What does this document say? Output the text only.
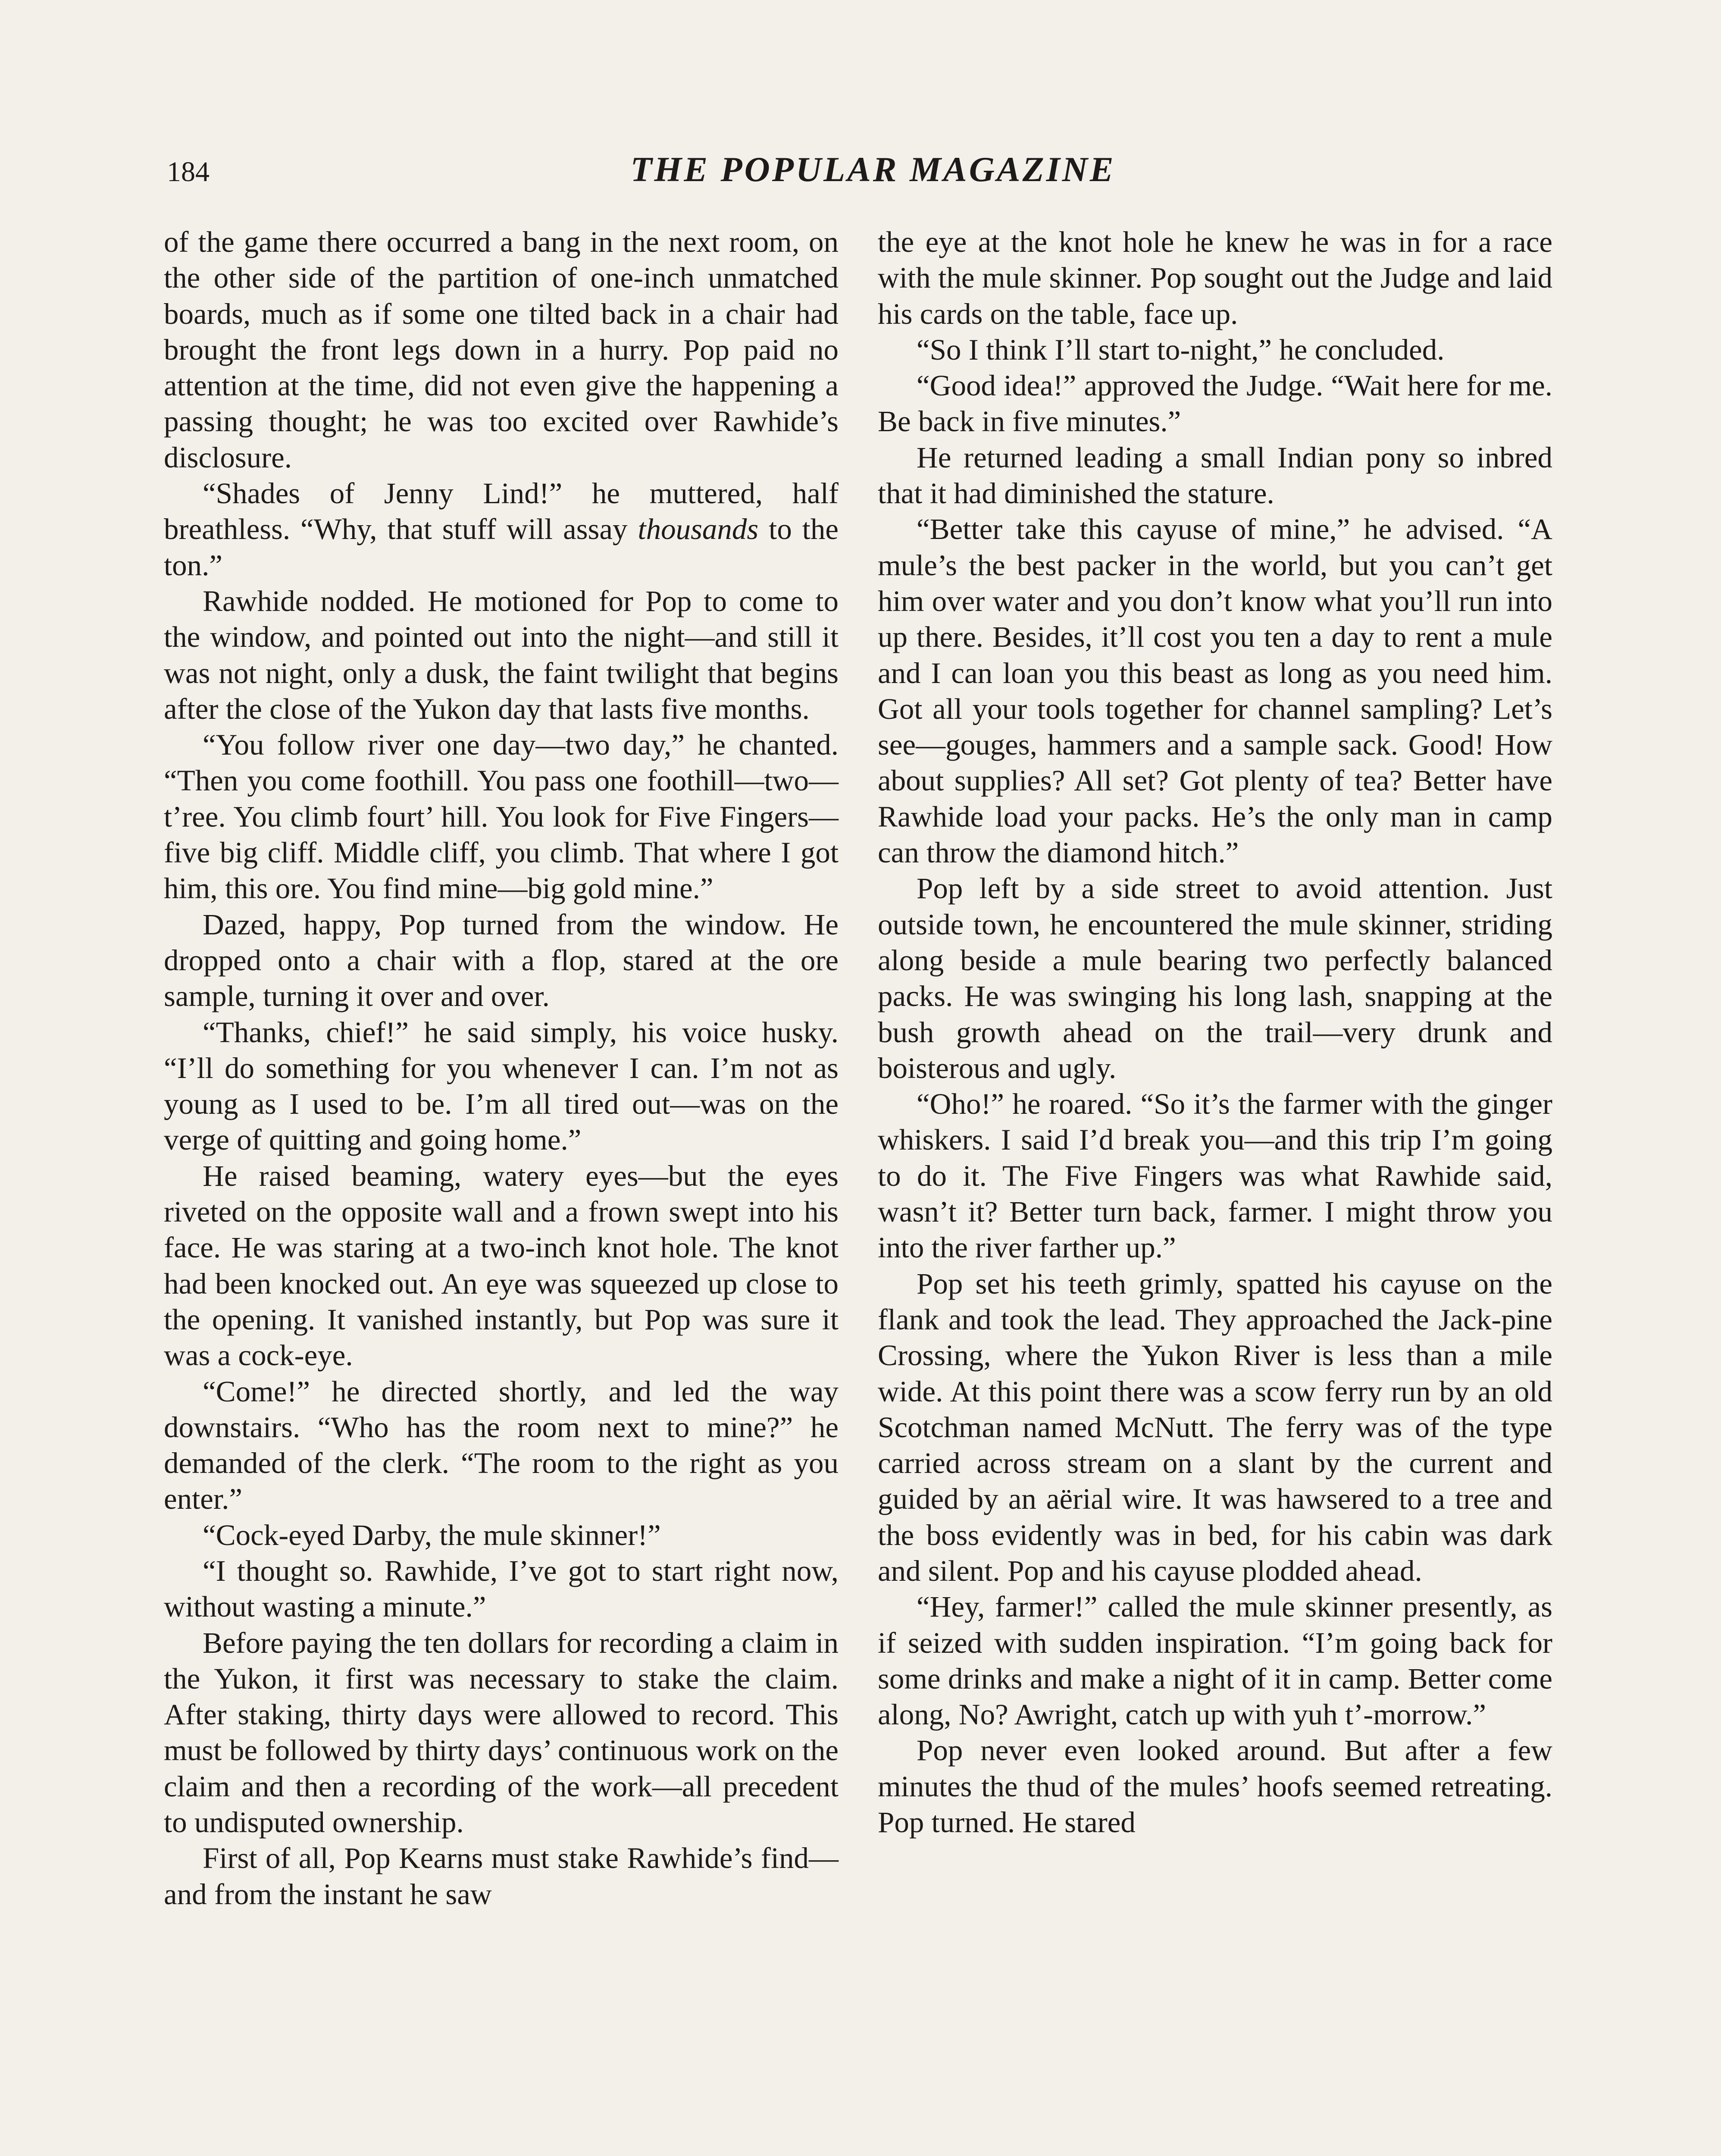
184	THE POPULAR MAGAZINE

of the game there occurred a bang in the next room, on the other side of the partition of one-inch unmatched boards, much as if some one tilted back in a chair had brought the front legs down in a hurry. Pop paid no attention at the time, did not even give the happening a passing thought; he was too excited over Rawhide’s disclosure.

“Shades of Jenny Lind!” he muttered, half breathless. “Why, that stuff will assay thousands to the ton.”

Rawhide nodded. He motioned for Pop to come to the window, and pointed out into the night—and still it was not night, only a dusk, the faint twilight that begins after the close of the Yukon day that lasts five months.

“You follow river one day—two day,” he chanted. “Then you come foothill. You pass one foothill—two—t’ree. You climb fourt’ hill. You look for Five Fingers—five big cliff. Middle cliff, you climb. That where I got him, this ore. You find mine—big gold mine.”

Dazed, happy, Pop turned from the window. He dropped onto a chair with a flop, stared at the ore sample, turning it over and over.

“Thanks, chief!” he said simply, his voice husky. “I’ll do something for you whenever I can. I’m not as young as I used to be. I’m all tired out—was on the verge of quitting and going home.”

He raised beaming, watery eyes—but the eyes riveted on the opposite wall and a frown swept into his face. He was staring at a two-inch knot hole. The knot had been knocked out. An eye was squeezed up close to the opening. It vanished instantly, but Pop was sure it was a cock-eye.

“Come!” he directed shortly, and led the way downstairs. “Who has the room next to mine?” he demanded of the clerk. “The room to the right as you enter.”

“Cock-eyed Darby, the mule skinner!”

“I thought so. Rawhide, I’ve got to start right now, without wasting a minute.”

Before paying the ten dollars for recording a claim in the Yukon, it first was necessary to stake the claim. After staking, thirty days were allowed to record. This must be followed by thirty days’ continuous work on the claim and then a recording of the work—all precedent to undisputed ownership.

First of all, Pop Kearns must stake Rawhide’s find—and from the instant he saw

the eye at the knot hole he knew he was in for a race with the mule skinner. Pop sought out the Judge and laid his cards on the table, face up.

“So I think I’ll start to-night,” he concluded.

“Good idea!” approved the Judge. “Wait here for me. Be back in five minutes.”

He returned leading a small Indian pony so inbred that it had diminished the stature.

“Better take this cayuse of mine,” he advised. “A mule’s the best packer in the world, but you can’t get him over water and you don’t know what you’ll run into up there. Besides, it’ll cost you ten a day to rent a mule and I can loan you this beast as long as you need him. Got all your tools together for channel sampling? Let’s see—gouges, hammers and a sample sack. Good! How about supplies? All set? Got plenty of tea? Better have Rawhide load your packs. He’s the only man in camp can throw the diamond hitch.”

Pop left by a side street to avoid attention. Just outside town, he encountered the mule skinner, striding along beside a mule bearing two perfectly balanced packs. He was swinging his long lash, snapping at the bush growth ahead on the trail—very drunk and boisterous and ugly.

“Oho!” he roared. “So it’s the farmer with the ginger whiskers. I said I’d break you—and this trip I’m going to do it. The Five Fingers was what Rawhide said, wasn’t it? Better turn back, farmer. I might throw you into the river farther up.”

Pop set his teeth grimly, spatted his cayuse on the flank and took the lead. They approached the Jack-pine Crossing, where the Yukon River is less than a mile wide. At this point there was a scow ferry run by an old Scotchman named McNutt. The ferry was of the type carried across stream on a slant by the current and guided by an aërial wire. It was hawsered to a tree and the boss evidently was in bed, for his cabin was dark and silent. Pop and his cayuse plodded ahead.

“Hey, farmer!” called the mule skinner presently, as if seized with sudden inspiration. “I’m going back for some drinks and make a night of it in camp. Better come along, No? Awright, catch up with yuh t’-morrow.”

Pop never even looked around. But after a few minutes the thud of the mules’ hoofs seemed retreating. Pop turned. He stared
